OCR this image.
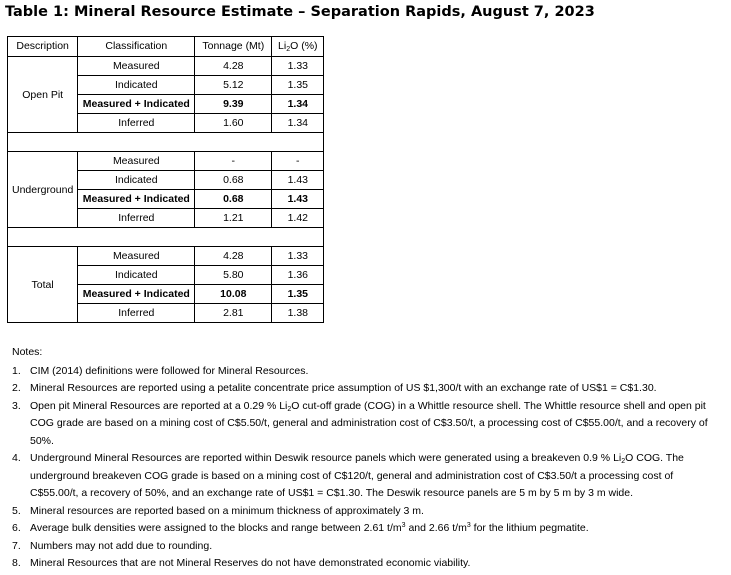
Table 1: Mineral Resource Estimate – Separation Rapids, August 7, 2023
Description	Classification	Tonnage (Mt)	$Li_2O$ (%)
Open Pit	Measured	4.28	1.33
	Indicated	5.12	1.35
	Measured + Indicated	9.39	1.34
	Inferred	1.60	1.34

Underground	Measured	-	-
	Indicated	0.68	1.43
	Measured + Indicated	0.68	1.43
	Inferred	1.21	1.42

Total	Measured	4.28	1.33
	Indicated	5.80	1.36
	Measured + Indicated	10.08	1.35
	Inferred	2.81	1.38
Notes:
1. CIM (2014) definitions were followed for Mineral Resources.
2. Mineral Resources are reported using a petalite concentrate price assumption of US $1,300/t with an exchange rate of US$1 = C$1.30.
3. Open pit Mineral Resources are reported at a 0.29 % $Li_2O$ cut-off grade (COG) in a Whittle resource shell. The Whittle resource shell and open pit COG grade are based on a mining cost of C$5.50/t, general and administration cost of C$3.50/t, a processing cost of C$55.00/t, and a recovery of 50%.
4. Underground Mineral Resources are reported within Deswik resource panels which were generated using a breakeven 0.9 % $Li_2O$ COG. The underground breakeven COG grade is based on a mining cost of C$120/t, general and administration cost of C$3.50/t a processing cost of C$55.00/t, a recovery of 50%, and an exchange rate of US$1 = C$1.30. The Deswik resource panels are 5 m by 5 m by 3 m wide.
5. Mineral resources are reported based on a minimum thickness of approximately 3 m.
6. Average bulk densities were assigned to the blocks and range between 2.61 $t/m^3$ and 2.66 $t/m^3$ for the lithium pegmatite.
7. Numbers may not add due to rounding.
8. Mineral Resources that are not Mineral Reserves do not have demonstrated economic viability.
